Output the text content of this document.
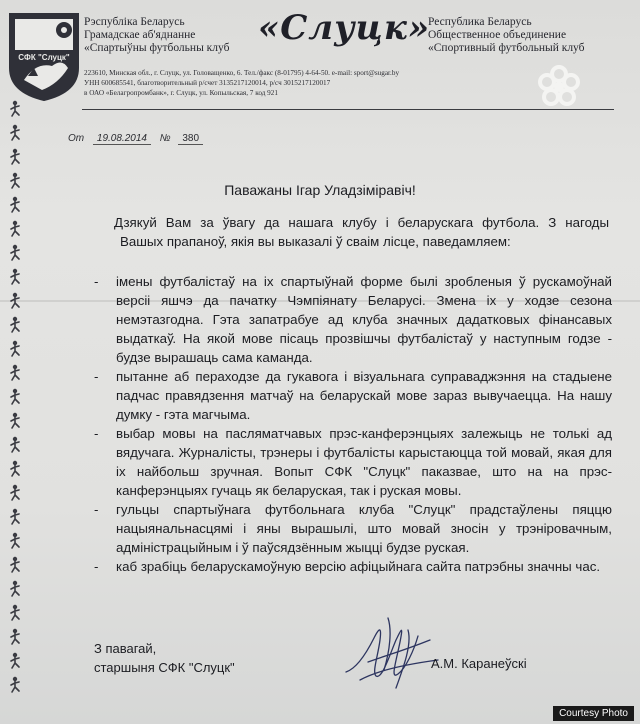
СФК "Слуцк"
Рэспубліка Беларусь
Грамадскае аб'яднанне
«Спартыўны футбольны клуб «Слуцк»
Республика Беларусь
Общественное объединение
«Спортивный футбольный клуб
223610, Минская обл., г. Слуцк, ул. Головащенко, 6. Тел./факс (8-01795) 4-64-50. e-mail: sport@sugar.by
УНН 600685541, благотворительный р/счет 3135217120014, р/сч 3015217120017
в ОАО «Белагропромбанк», г. Слуцк, ул. Копыльская, 7 код 921
От 19.08.2014 № 380
Паважаны Ігар Уладзіміравіч!
Дзякуй Вам за ўвагу да нашага клубу і беларускага футбола. З нагоды
Вашых прапаноў, якія вы выказалі ў сваім лісце, паведамляем:
- імены футбалістаў на іх спартыўнай форме былі зробленыя ў рускамоўнай версіі яшчэ да пачатку Чэмпіянату Беларусі. Змена іх у ходзе сезона немэтазгодна. Гэта запатрабуе ад клуба значных дадатковых фінансавых выдаткаў. На якой мове пісаць прозвішчы футбалістаў у наступным годзе - будзе вырашаць сама каманда.
- пытанне аб пераходзе да гукавога і візуальнага суправаджэння на стадыене падчас правядзення матчаў на беларускай мове зараз вывучаецца. На нашу думку - гэта магчыма.
- выбар мовы на пасляматчавых прэс-канферэнцыях залежыць не толькі ад вядучага. Журналісты, трэнеры і футбалісты карыстаюцца той мовай, якая для іх найбольш зручная. Вопыт СФК "Слуцк" паказвае, што на на прэс-канферэнцыях гучаць як беларуская, так і руская мовы.
- гульцы спартыўнага футбольнага клуба "Слуцк" прадстаўлены пяццю нацыянальнасцямі і яны вырашылі, што мовай зносін у трэніровачным, адміністрацыйным і ў паўсядзённым жыцці будзе руская.
- каб зрабіць беларускамоўную версію афіцыйнага сайта патрэбны значны час.
З павагай,
старшыня СФК "Слуцк"	А.М. Каранеўскі
Courtesy Photo
